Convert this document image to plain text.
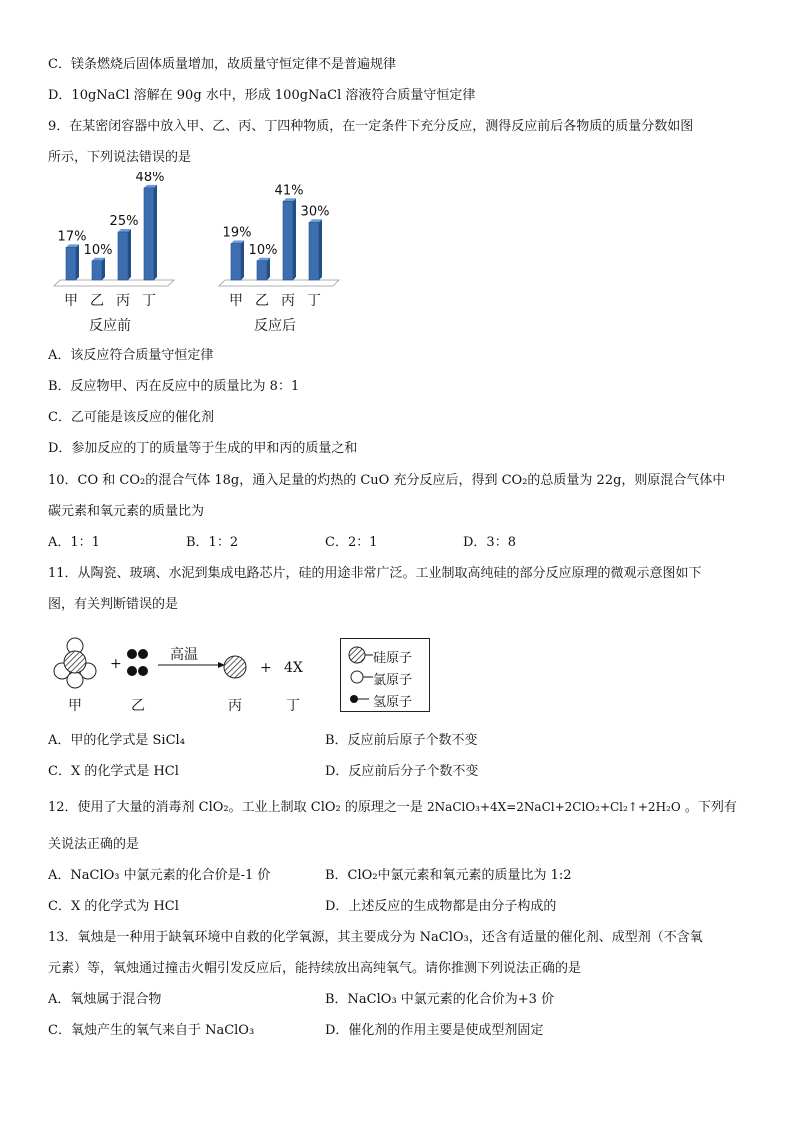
C．镁条燃烧后固体质量增加，故质量守恒定律不是普遍规律
D．10gNaCl 溶解在 90g 水中，形成 100gNaCl 溶液符合质量守恒定律
9．在某密闭容器中放入甲、乙、丙、丁四种物质，在一定条件下充分反应，测得反应前后各物质的质量分数如图
所示，下列说法错误的是
17%
甲
10%
乙
25%
丙
48%
丁
反应前
19%
甲
10%
乙
41%
丙
30%
丁
反应后
A．该反应符合质量守恒定律
B．反应物甲、丙在反应中的质量比为 8：1
C．乙可能是该反应的催化剂
D．参加反应的丁的质量等于生成的甲和丙的质量之和
10．CO 和 CO₂的混合气体 18g，通入足量的灼热的 CuO 充分反应后，得到 CO₂的总质量为 22g，则原混合气体中
碳元素和氧元素的质量比为
A．1：1	B．1：2	C．2：1	D．3：8
11．从陶瓷、玻璃、水泥到集成电路芯片，硅的用途非常广泛。工业制取高纯硅的部分反应原理的微观示意图如下
图，有关判断错误的是
+
高温
+ 4X
甲	乙	丙	丁
硅原子
氯原子
氢原子
A．甲的化学式是 SiCl₄	B．反应前后原子个数不变
C．X 的化学式是 HCl	D．反应前后分子个数不变
12．使用了大量的消毒剂 ClO₂。工业上制取 ClO₂ 的原理之一是 2NaClO₃+4X=2NaCl+2ClO₂+Cl₂↑+2H₂O 。下列有
关说法正确的是
A．NaClO₃ 中氯元素的化合价是-1 价	B．ClO₂中氯元素和氧元素的质量比为 1:2
C．X 的化学式为 HCl	D．上述反应的生成物都是由分子构成的
13．氧烛是一种用于缺氧环境中自救的化学氧源，其主要成分为 NaClO₃，还含有适量的催化剂、成型剂（不含氧
元素）等，氧烛通过撞击火帽引发反应后，能持续放出高纯氧气。请你推测下列说法正确的是
A．氧烛属于混合物	B．NaClO₃ 中氯元素的化合价为+3 价
C．氧烛产生的氧气来自于 NaClO₃	D．催化剂的作用主要是使成型剂固定
